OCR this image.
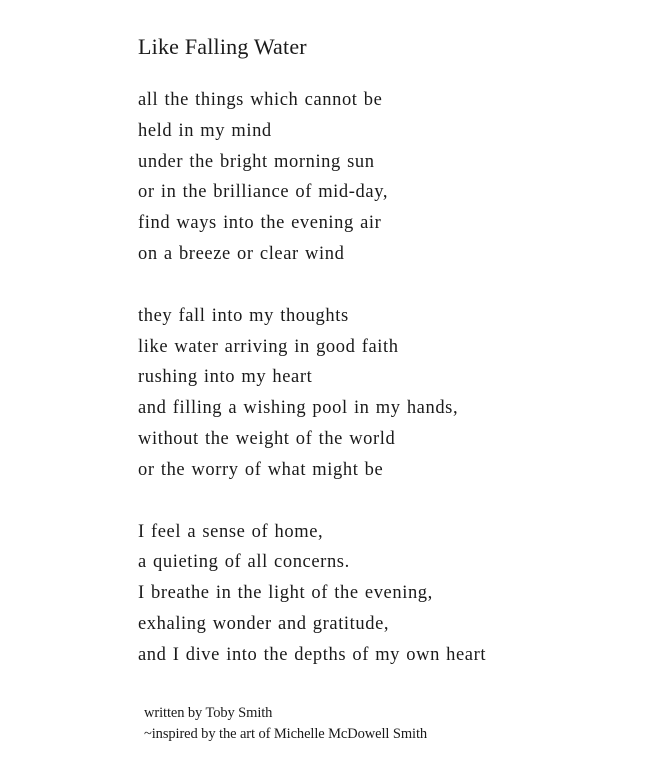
Like Falling Water
all the things which cannot be
held in my mind
under the bright morning sun
or in the brilliance of mid-day,
find ways into the evening air
on a breeze or clear wind
they fall into my thoughts
like water arriving in good faith
rushing into my heart
and filling a wishing pool in my hands,
without the weight of the world
or the worry of what might be
I feel a sense of home,
a quieting of all concerns.
I breathe in the light of the evening,
exhaling wonder and gratitude,
and I dive into the depths of my own heart
written by Toby Smith
~inspired by the art of Michelle McDowell Smith
